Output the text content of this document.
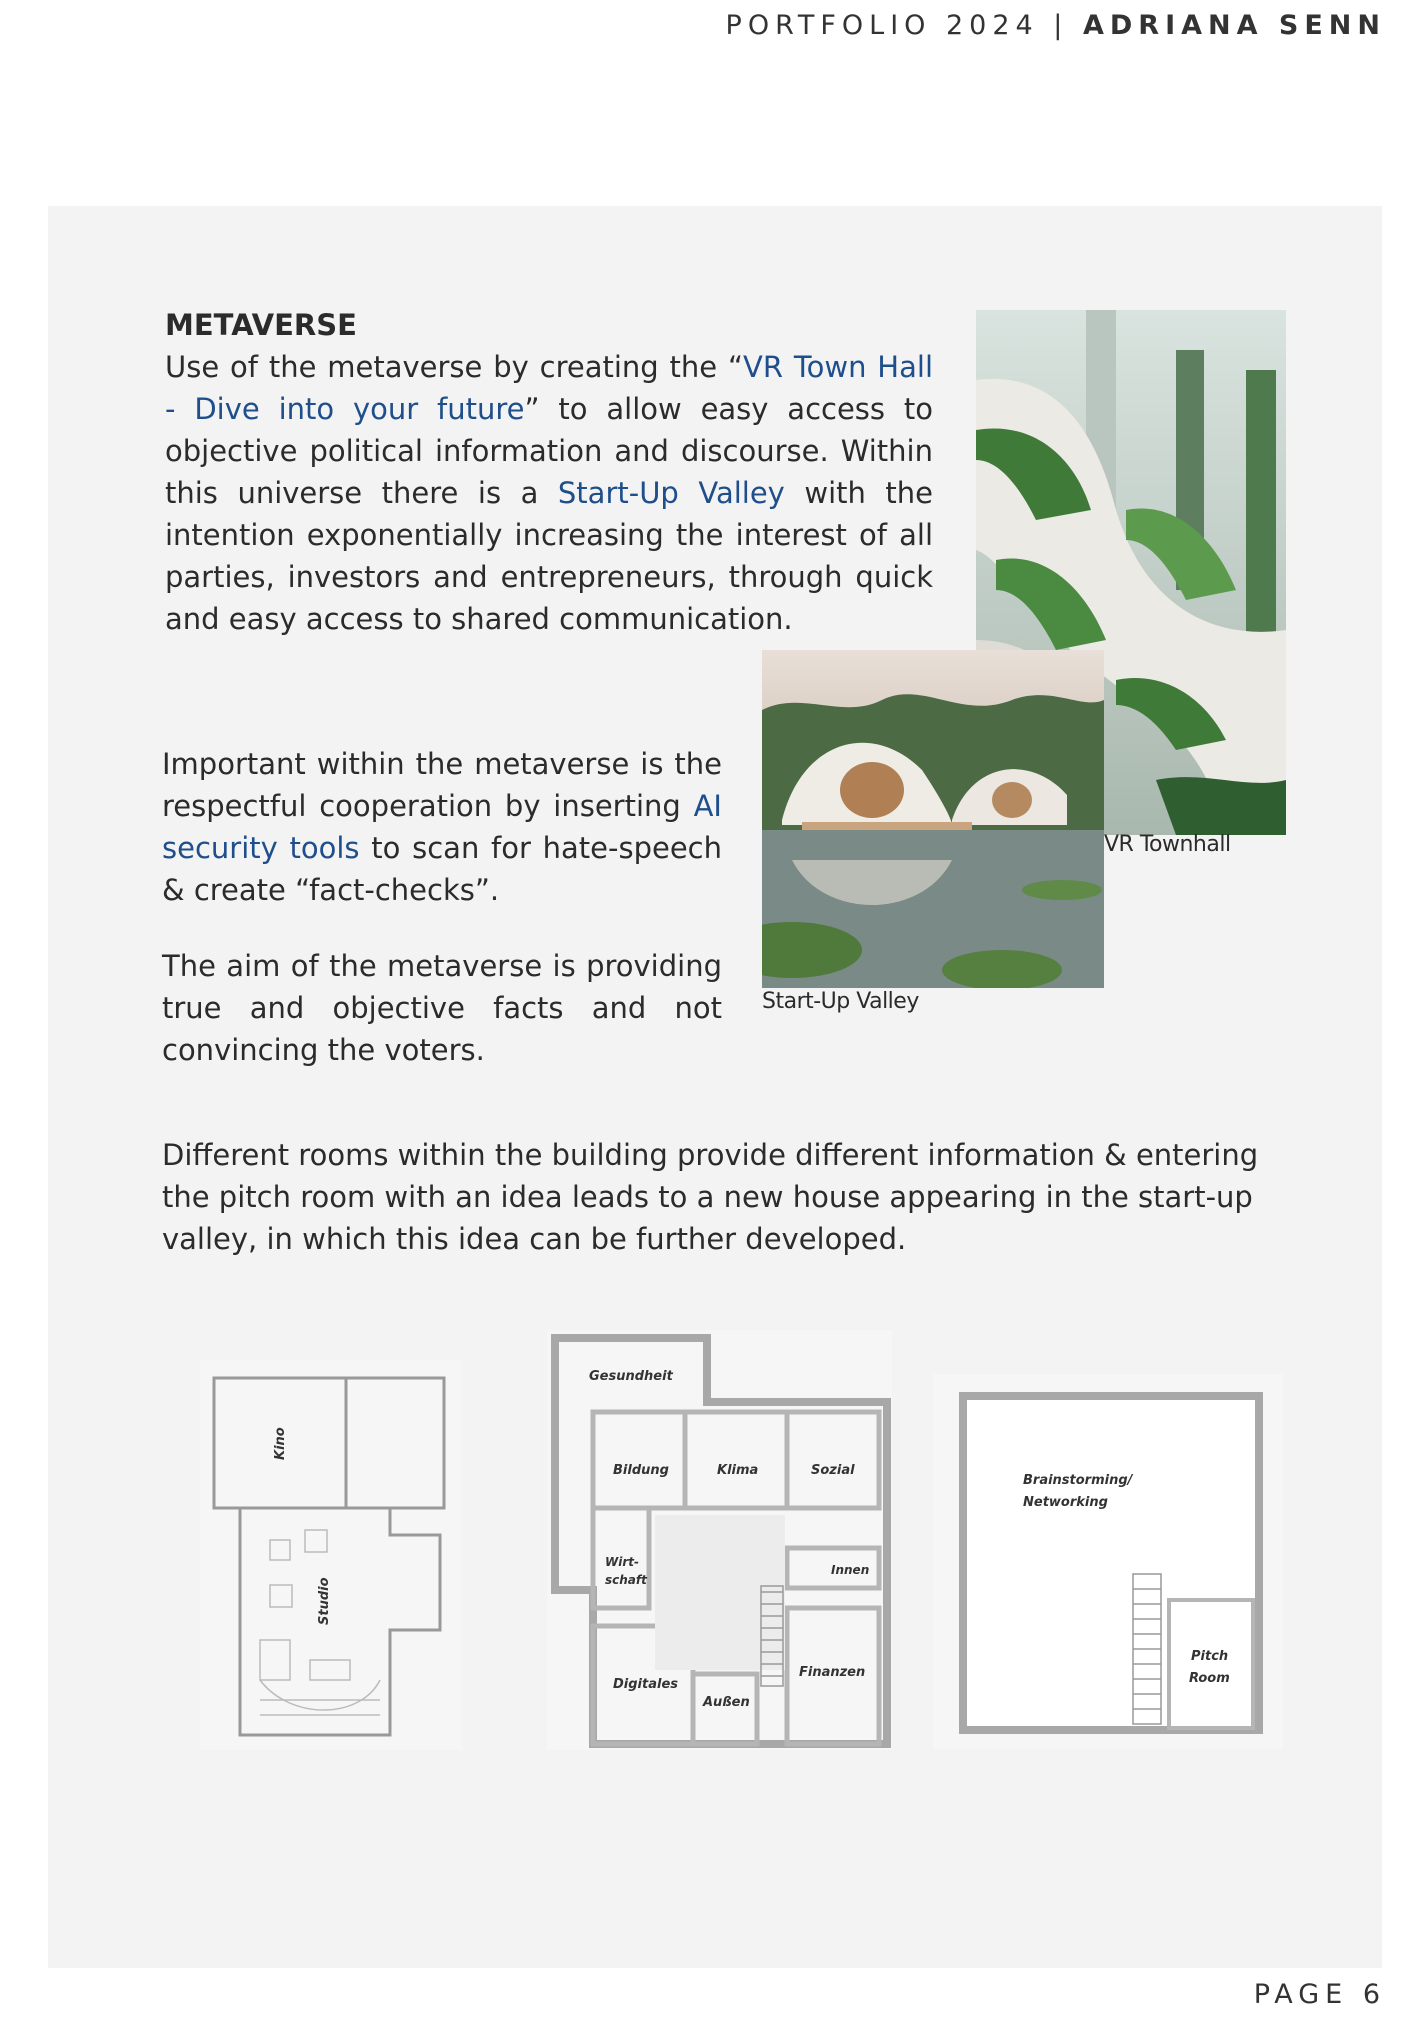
PORTFOLIO 2024 | ADRIANA SENN
METAVERSE
Use of the metaverse by creating the “VR Town Hall - Dive into your future” to allow easy access to objective political information and discourse. Within this universe there is a Start-Up Valley with the intention exponentially increasing the interest of all parties, investors and entrepreneurs, through quick and easy access to shared communication.
VR Townhall
Start-Up Valley
Important within the metaverse is the respectful cooperation by inserting AI security tools to scan for hate-speech & create “fact-checks”.
The aim of the metaverse is providing true and objective facts and not convincing the voters.
Different rooms within the building provide different information & entering the pitch room with an idea leads to a new house appearing in the start-up valley, in which this idea can be further developed.
Kino
Studio
Gesundheit
Bildung	Klima	Sozial
Wirt-
schaft
Innen
Digitales
Außen
Finanzen
Brainstorming/
Networking
Pitch
Room
PAGE 6
